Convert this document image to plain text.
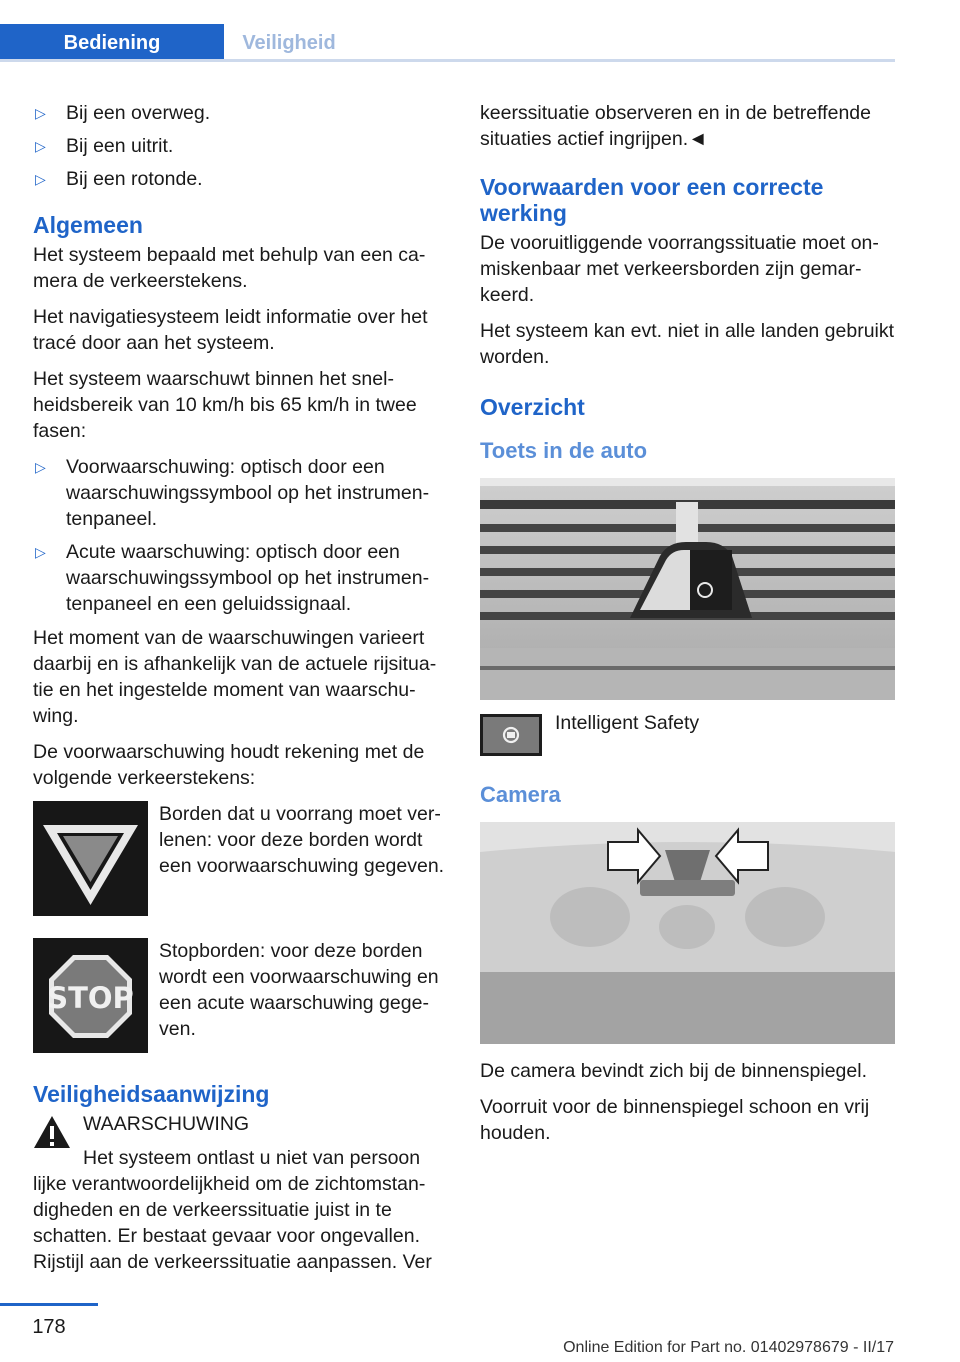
Bediening	Veiligheid
▷ Bij een overweg.
▷ Bij een uitrit.
▷ Bij een rotonde.
Algemeen

Het systeem bepaald met behulp van een camera de verkeerstekens.

Het navigatiesysteem leidt informatie over het tracé door aan het systeem.

Het systeem waarschuwt binnen het snelheidsbereik van 10 km/h bis 65 km/h in twee fasen:

▷ Voorwaarschuwing: optisch door een waarschuwingssymbool op het instrumentenpaneel.
▷ Acute waarschuwing: optisch door een waarschuwingssymbool op het instrumentenpaneel en een geluidssignaal.

Het moment van de waarschuwingen varieert daarbij en is afhankelijk van de actuele rijsituatie en het ingestelde moment van waarschuwing.

De voorwaarschuwing houdt rekening met de volgende verkeerstekens:

Borden dat u voorrang moet verlenen: voor deze borden wordt een voorwaarschuwing gegeven.
STOP
Stopborden: voor deze borden wordt een voorwaarschuwing en een acute waarschuwing gegeven.
Veiligheidsaanwijzing
WAARSCHUWING
Het systeem ontlast u niet van persoon
lijke verantwoordelijkheid om de zichtomstandigheden en de verkeerssituatie juist in te schatten. Er bestaat gevaar voor ongevallen. Rijstijl aan de verkeerssituatie aanpassen. Ver

keerssituatie observeren en in de betreffende situaties actief ingrijpen.◄

Voorwaarden voor een correcte werking

De vooruitliggende voorrangssituatie moet onmiskenbaar met verkeersborden zijn gemarkeerd.

Het systeem kan evt. niet in alle landen gebruikt worden.

Overzicht
Toets in de auto
Intelligent Safety
Camera

De camera bevindt zich bij de binnenspiegel.

Voorruit voor de binnenspiegel schoon en vrij houden.

178
Online Edition for Part no. 01402978679 - II/17
